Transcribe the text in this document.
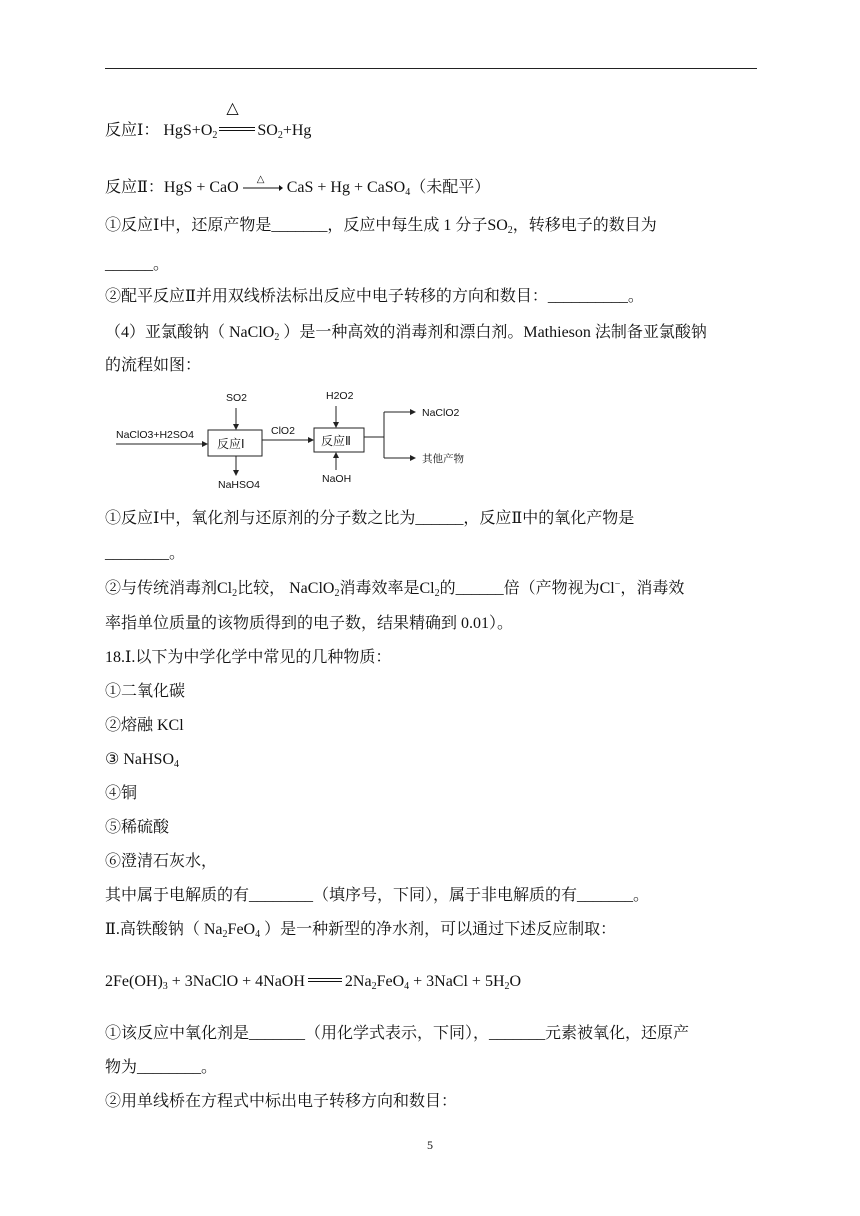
反应Ⅰ： $HgS+O_2$
△
$SO_2+Hg$
反应Ⅱ：HgS + CaO △ CaS + Hg + CaSO$_4$（未配平）
①反应Ⅰ中，还原产物是_______，反应中每生成 1 分子$SO_2$，转移电子的数目为
______。
②配平反应Ⅱ并用双线桥法标出反应中电子转移的方向和数目：__________。
（4）亚氯酸钠（ NaClO$_2$ ）是一种高效的消毒剂和漂白剂。Mathieson 法制备亚氯酸钠
的流程如图：
NaClO3+H2SO4
SO2
反应Ⅰ
NaHSO4
ClO2
H2O2
反应Ⅱ
NaOH
NaClO2
其他产物
①反应Ⅰ中，氧化剂与还原剂的分子数之比为______，反应Ⅱ中的氧化产物是
________。
②与传统消毒剂$Cl_2$比较， NaClO$_2$消毒效率是$Cl_2$的______倍（产物视为Cl−，消毒效
率指单位质量的该物质得到的电子数，结果精确到 0.01）。
18.Ⅰ.以下为中学化学中常见的几种物质：
①二氧化碳
②熔融 KCl
③ NaHSO$_4$
④铜
⑤稀硫酸
⑥澄清石灰水，
其中属于电解质的有________（填序号，下同），属于非电解质的有_______。
Ⅱ.高铁酸钠（ $Na_2FeO_4$ ）是一种新型的净水剂，可以通过下述反应制取：
$2Fe(OH)_3$ + 3NaClO + 4NaOH	$2Na_2FeO_4$ + 3NaCl + $5H_2O$
①该反应中氧化剂是_______（用化学式表示，下同），_______元素被氧化，还原产
物为________。
②用单线桥在方程式中标出电子转移方向和数目：
5
